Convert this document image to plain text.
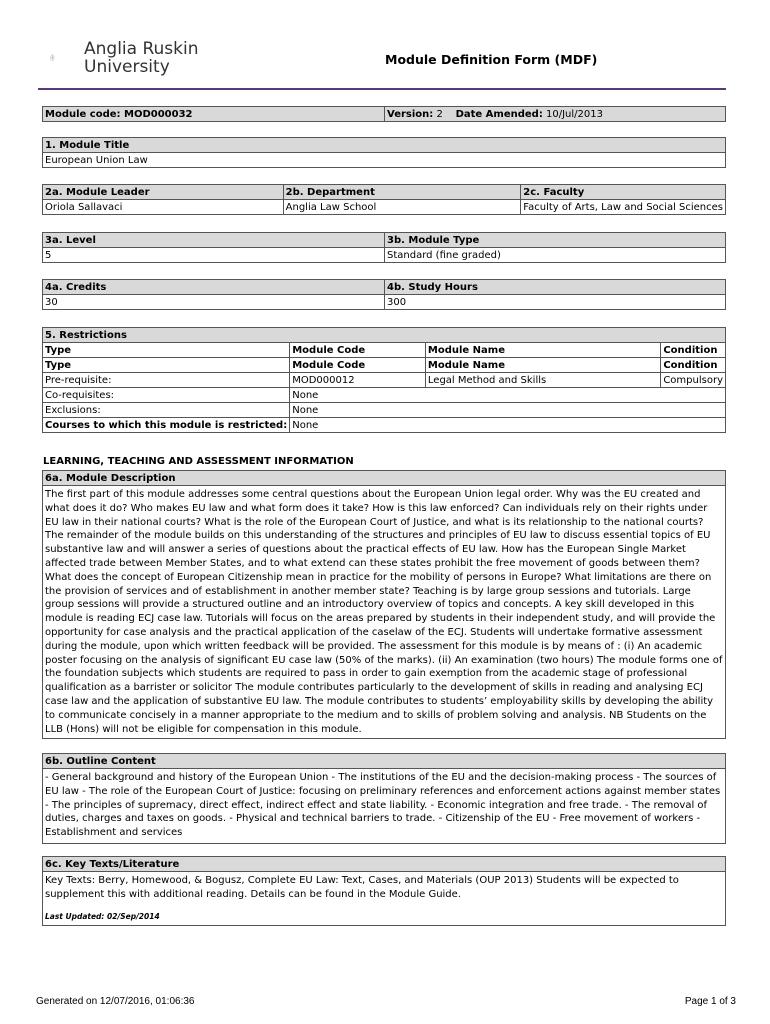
Anglia Ruskin
University	Module Definition Form (MDF)
Module code: MOD000032	Version: 2 Date Amended: 10/Jul/2013
1. Module Title
European Union Law
2a. Module Leader	2b. Department	2c. Faculty
Oriola Sallavaci	Anglia Law School	Faculty of Arts, Law and Social Sciences
3a. Level	3b. Module Type
5	Standard (fine graded)
4a. Credits	4b. Study Hours
30	300
5. Restrictions			
Type	Module Code	Module Name	Condition
Type	Module Code	Module Name	Condition
Pre-requisite:	MOD000012	Legal Method and Skills	Compulsory
Co-requisites:	None		
Exclusions:	None		
Courses to which this module is restricted:	None		
LEARNING, TEACHING AND ASSESSMENT INFORMATION
6a. Module Description
The first part of this module addresses some central questions about the European Union legal order. Why was the EU created and what does it do? Who makes EU law and what form does it take? How is this law enforced? Can individuals rely on their rights under EU law in their national courts? What is the role of the European Court of Justice, and what is its relationship to the national courts? The remainder of the module builds on this understanding of the structures and principles of EU law to discuss essential topics of EU substantive law and will answer a series of questions about the practical effects of EU law. How has the European Single Market affected trade between Member States, and to what extend can these states prohibit the free movement of goods between them? What does the concept of European Citizenship mean in practice for the mobility of persons in Europe? What limitations are there on the provision of services and of establishment in another member state? Teaching is by large group sessions and tutorials. Large group sessions will provide a structured outline and an introductory overview of topics and concepts. A key skill developed in this module is reading ECJ case law. Tutorials will focus on the areas prepared by students in their independent study, and will provide the opportunity for case analysis and the practical application of the caselaw of the ECJ. Students will undertake formative assessment during the module, upon which written feedback will be provided. The assessment for this module is by means of : (i) An academic poster focusing on the analysis of significant EU case law (50% of the marks). (ii) An examination (two hours) The module forms one of the foundation subjects which students are required to pass in order to gain exemption from the academic stage of professional qualification as a barrister or solicitor The module contributes particularly to the development of skills in reading and analysing ECJ case law and the application of substantive EU law. The module contributes to students’ employability skills by developing the ability to communicate concisely in a manner appropriate to the medium and to skills of problem solving and analysis. NB Students on the LLB (Hons) will not be eligible for compensation in this module.
6b. Outline Content
- General background and history of the European Union - The institutions of the EU and the decision-making process - The sources of EU law - The role of the European Court of Justice: focusing on preliminary references and enforcement actions against member states - The principles of supremacy, direct effect, indirect effect and state liability. - Economic integration and free trade. - The removal of duties, charges and taxes on goods. - Physical and technical barriers to trade. - Citizenship of the EU - Free movement of workers - Establishment and services
6c. Key Texts/Literature
Key Texts: Berry, Homewood, & Bogusz, Complete EU Law: Text, Cases, and Materials (OUP 2013) Students will be expected to supplement this with additional reading. Details can be found in the Module Guide.
Last Updated: 02/Sep/2014
Generated on 12/07/2016, 01:06:36	Page 1 of 3
